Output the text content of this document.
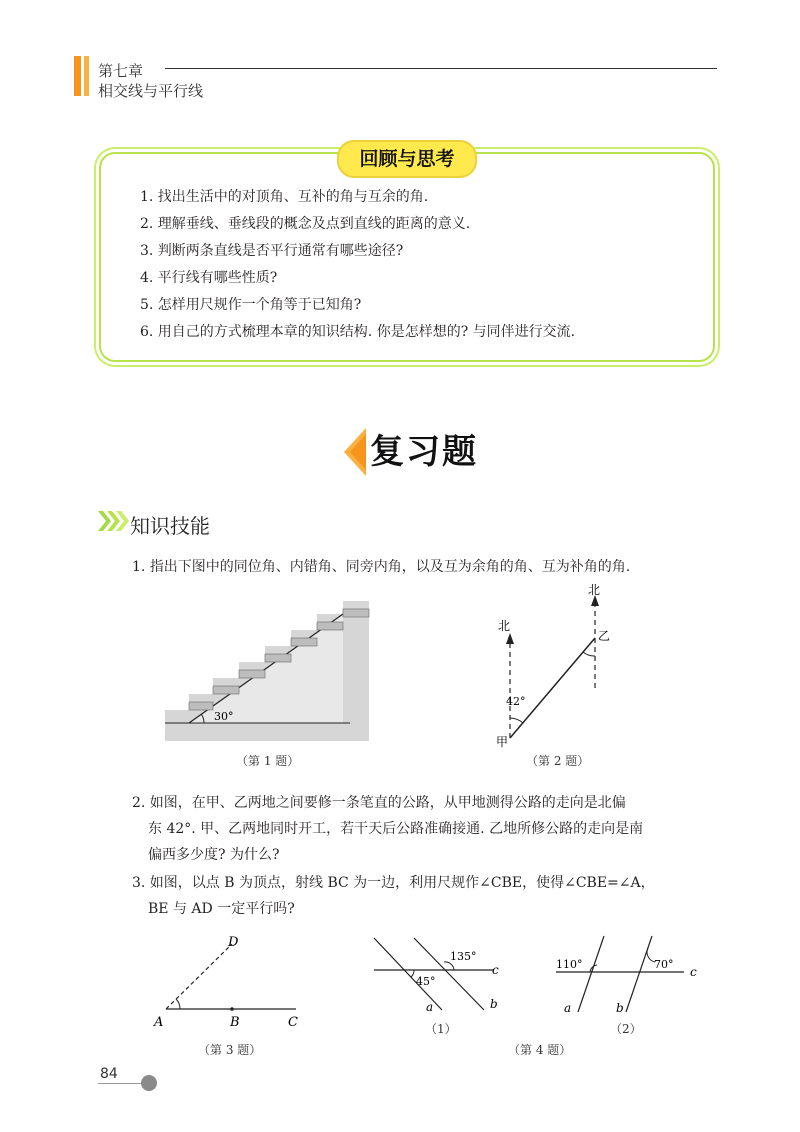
第七章
相交线与平行线
回顾与思考
1. 找出生活中的对顶角、互补的角与互余的角.
2. 理解垂线、垂线段的概念及点到直线的距离的意义.
3. 判断两条直线是否平行通常有哪些途径?
4. 平行线有哪些性质?
5. 怎样用尺规作一个角等于已知角?
6. 用自己的方式梳理本章的知识结构. 你是怎样想的? 与同伴进行交流.
复习题
知识技能
1. 指出下图中的同位角、内错角、同旁内角，以及互为余角的角、互为补角的角.
30°
（第 1 题）
北
北
42°
甲
乙
（第 2 题）
2. 如图，在甲、乙两地之间要修一条笔直的公路，从甲地测得公路的走向是北偏
东 42°. 甲、乙两地同时开工，若干天后公路准确接通. 乙地所修公路的走向是南
偏西多少度? 为什么?
3. 如图，以点 B 为顶点，射线 BC 为一边，利用尺规作∠CBE，使得∠CBE=∠A，
BE 与 AD 一定平行吗?
A	B	C
D
（第 3 题）
135°
45°
a	b
c
（1）
110°	70°
a	b
c
（2）
（第 4 题）
84
